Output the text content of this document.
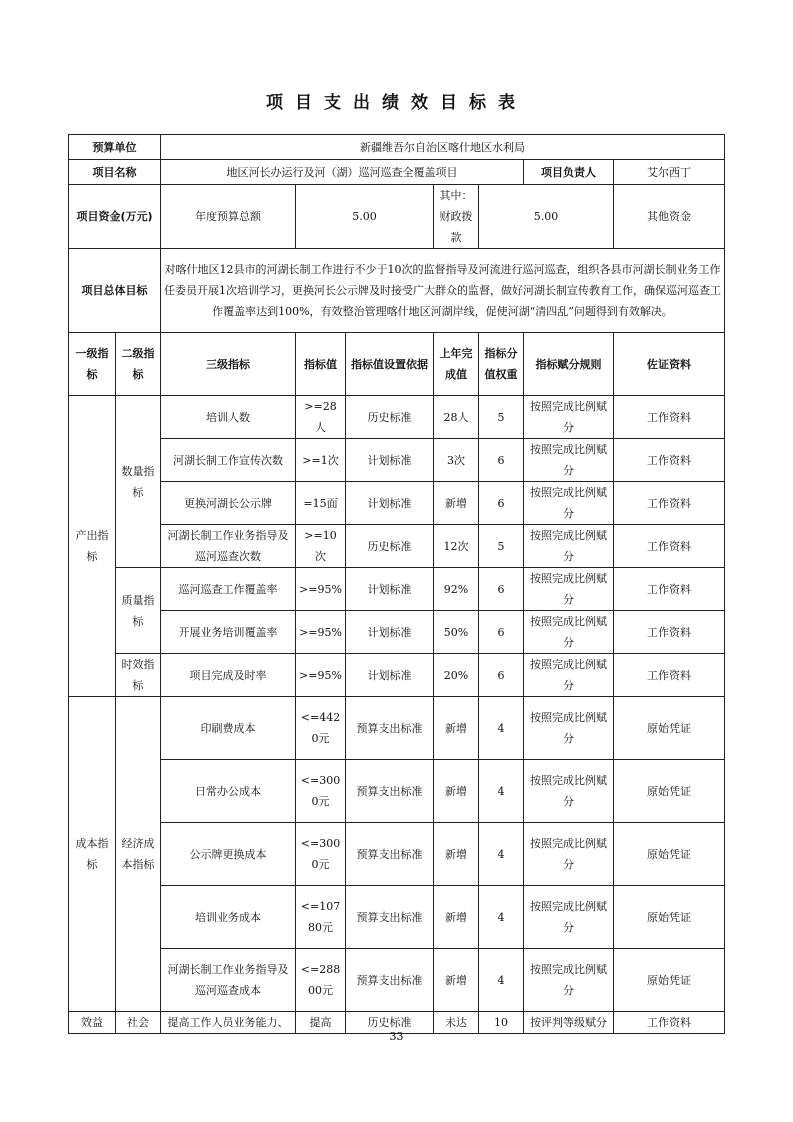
项目支出绩效目标表
预算单位		新疆维吾尔自治区喀什地区水利局							
项目名称		地区河长办运行及河（湖）巡河巡查全覆盖项目					项目负责人	艾尔西丁	
项目资金(万元)		年度预算总额	5.00		其中：财政拨款	5.00		其他资金	
项目总体目标		对喀什地区12县市的河湖长制工作进行不少于10次的监督指导及河流进行巡河巡查，组织各县市河湖长制业务工作任委员开展1次培训学习，更换河长公示牌及时接受广大群众的监督，做好河湖长制宣传教育工作，确保巡河巡查工作覆盖率达到100%，有效整治管理喀什地区河湖岸线，促使河湖“清四乱”问题得到有效解决。							
一级指标	二级指标	三级指标	指标值	指标值设置依据	上年完成值	指标分值权重	指标赋分规则	佐证资料	
产出指标	数量指标	培训人数	>=28人	历史标准	28人	5	按照完成比例赋分	工作资料	
		河湖长制工作宣传次数	>=1次	计划标准	3次	6	按照完成比例赋分	工作资料	
		更换河湖长公示牌	=15面	计划标准	新增	6	按照完成比例赋分	工作资料	
		河湖长制工作业务指导及巡河巡查次数	>=10次	历史标准	12次	5	按照完成比例赋分	工作资料	
	质量指标	巡河巡查工作覆盖率	>=95%	计划标准	92%	6	按照完成比例赋分	工作资料	
		开展业务培训覆盖率	>=95%	计划标准	50%	6	按照完成比例赋分	工作资料	
	时效指标	项目完成及时率	>=95%	计划标准	20%	6	按照完成比例赋分	工作资料	
成本指标	经济成本指标	印刷费成本	<=4420元	预算支出标准	新增	4	按照完成比例赋分	原始凭证	
		日常办公成本	<=3000元	预算支出标准	新增	4	按照完成比例赋分	原始凭证	
		公示牌更换成本	<=3000元	预算支出标准	新增	4	按照完成比例赋分	原始凭证	
		培训业务成本	<=10780元	预算支出标准	新增	4	按照完成比例赋分	原始凭证	
		河湖长制工作业务指导及巡河巡查成本	<=28800元	预算支出标准	新增	4	按照完成比例赋分	原始凭证	
效益	社会	提高工作人员业务能力、	提高	历史标准	未达	10	按评判等级赋分	工作资料	
33
